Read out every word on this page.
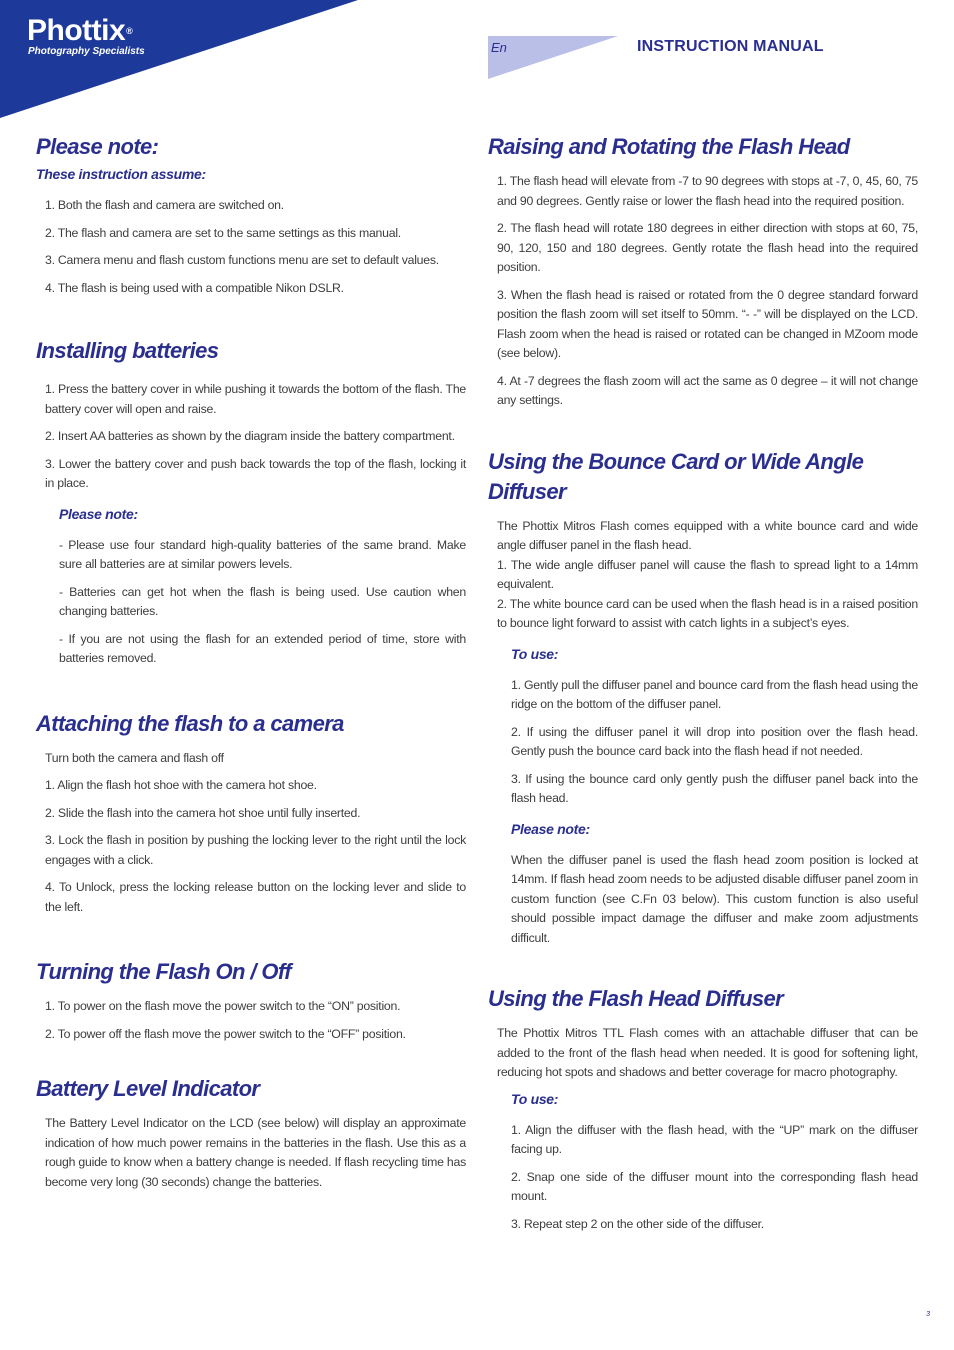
Phottix®
Photography Specialists	En	INSTRUCTION MANUAL
Please note:
These instruction assume:

1. Both the flash and camera are switched on.

2. The flash and camera are set to the same settings as this manual.

3. Camera menu and flash custom functions menu are set to default values.

4. The flash is being used with a compatible Nikon DSLR.

Installing batteries

1. Press the battery cover in while pushing it towards the bottom of the flash. The battery cover will open and raise.

2. Insert AA batteries as shown by the diagram inside the battery compartment.

3. Lower the battery cover and push back towards the top of the flash, locking it in place.

Please note:

- Please use four standard high-quality batteries of the same brand. Make sure all batteries are at similar powers levels.

- Batteries can get hot when the flash is being used. Use caution when changing batteries.

- If you are not using the flash for an extended period of time, store with batteries removed.

Attaching the flash to a camera

Turn both the camera and flash off

1. Align the flash hot shoe with the camera hot shoe.

2. Slide the flash into the camera hot shoe until fully inserted.

3. Lock the flash in position by pushing the locking lever to the right until the lock engages with a click.

4. To Unlock, press the locking release button on the locking lever and slide to the left.

Turning the Flash On / Off

1. To power on the flash move the power switch to the “ON” position.

2. To power off the flash move the power switch to the “OFF” position.

Battery Level Indicator

The Battery Level Indicator on the LCD (see below) will display an approximate indication of how much power remains in the batteries in the flash. Use this as a rough guide to know when a battery change is needed. If flash recycling time has become very long (30 seconds) change the batteries.

Raising and Rotating the Flash Head

1. The flash head will elevate from -7 to 90 degrees with stops at -7, 0, 45, 60, 75 and 90 degrees. Gently raise or lower the flash head into the required position.

2. The flash head will rotate 180 degrees in either direction with stops at 60, 75, 90, 120, 150 and 180 degrees. Gently rotate the flash head into the required position.

3. When the flash head is raised or rotated from the 0 degree standard forward position the flash zoom will set itself to 50mm. “- -” will be displayed on the LCD. Flash zoom when the head is raised or rotated can be changed in MZoom mode (see below).

4. At -7 degrees the flash zoom will act the same as 0 degree – it will not change any settings.

Using the Bounce Card or Wide Angle Diffuser

The Phottix Mitros Flash comes equipped with a white bounce card and wide angle diffuser panel in the flash head.

1. The wide angle diffuser panel will cause the flash to spread light to a 14mm equivalent.

2. The white bounce card can be used when the flash head is in a raised position to bounce light forward to assist with catch lights in a subject’s eyes.

To use:

1. Gently pull the diffuser panel and bounce card from the flash head using the ridge on the bottom of the diffuser panel.

2. If using the diffuser panel it will drop into position over the flash head. Gently push the bounce card back into the flash head if not needed.

3. If using the bounce card only gently push the diffuser panel back into the flash head.

Please note:

When the diffuser panel is used the flash head zoom position is locked at 14mm. If flash head zoom needs to be adjusted disable diffuser panel zoom in custom function (see C.Fn 03 below). This custom function is also useful should possible impact damage the diffuser and make zoom adjustments difficult.

Using the Flash Head Diffuser

The Phottix Mitros TTL Flash comes with an attachable diffuser that can be added to the front of the flash head when needed. It is good for softening light, reducing hot spots and shadows and better coverage for macro photography.

To use:

1. Align the diffuser with the flash head, with the “UP” mark on the diffuser facing up.

2. Snap one side of the diffuser mount into the corresponding flash head mount.

3. Repeat step 2 on the other side of the diffuser.

3
